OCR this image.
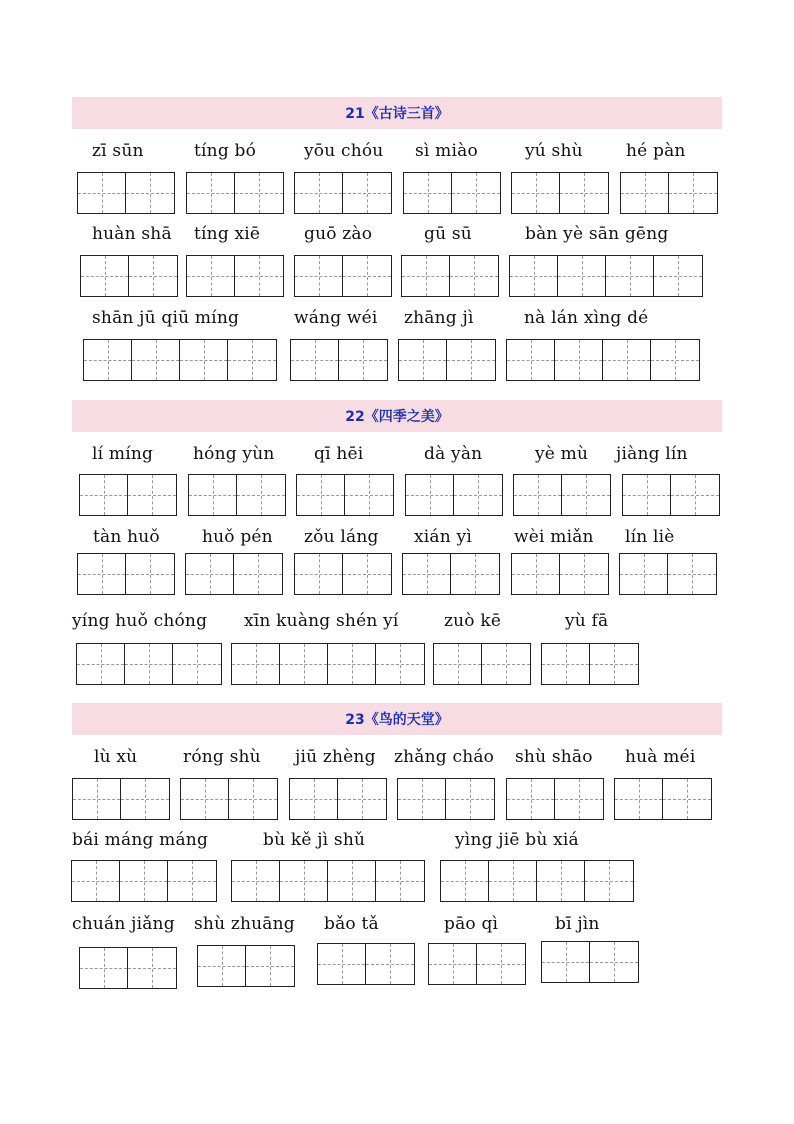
21《古诗三首》
22《四季之美》
23《鸟的天堂》
zī sūn	tíng bó	yōu chóu sì miào	yú shù	hé pàn
huàn shā tíng xiē	guō zào	gū sū	bàn yè sān gēng
shān jū qiū míng	wáng wéi zhāng jì	nà lán xìng dé
lí míng hóng yùn qī hēi	dà yàn	yè mù jiàng lín
tàn huǒ huǒ pén zǒu láng xián yì wèi miǎn lín liè
yíng huǒ chóng xīn kuàng shén yí	zuò kē	yù fā
lù xù	róng shù jiū zhèng zhǎng cháo shù shāo huà méi
bái máng máng	bù kě jì shǔ	yìng jiē bù xiá
chuán jiǎng shù zhuāng bǎo tǎ	pāo qì	bī jìn
